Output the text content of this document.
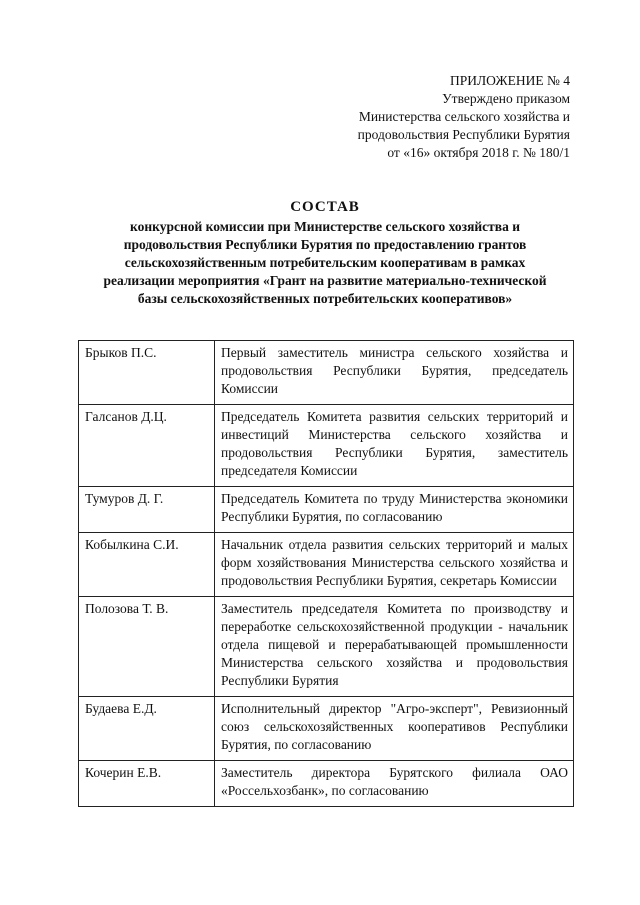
ПРИЛОЖЕНИЕ № 4
Утверждено приказом
Министерства сельского хозяйства и
продовольствия Республики Бурятия
от «16» октября 2018 г. № 180/1
СОСТАВ
конкурсной комиссии при Министерстве сельского хозяйства и продовольствия Республики Бурятия по предоставлению грантов сельскохозяйственным потребительским кооперативам в рамках реализации мероприятия «Грант на развитие материально-технической базы сельскохозяйственных потребительских кооперативов»
Брыков П.С.	Первый заместитель министра сельского хозяйства и продовольствия Республики Бурятия, председатель Комиссии
Галсанов Д.Ц.	Председатель Комитета развития сельских территорий и инвестиций Министерства сельского хозяйства и продовольствия Республики Бурятия, заместитель председателя Комиссии
Тумуров Д. Г.	Председатель Комитета по труду Министерства экономики Республики Бурятия, по согласованию
Кобылкина С.И.	Начальник отдела развития сельских территорий и малых форм хозяйствования Министерства сельского хозяйства и продовольствия Республики Бурятия, секретарь Комиссии
Полозова Т. В.	Заместитель председателя Комитета по производству и переработке сельскохозяйственной продукции - начальник отдела пищевой и перерабатывающей промышленности Министерства сельского хозяйства и продовольствия Республики Бурятия
Будаева Е.Д.	Исполнительный директор "Агро-эксперт", Ревизионный союз сельскохозяйственных кооперативов Республики Бурятия, по согласованию
Кочерин Е.В.	Заместитель директора Бурятского филиала ОАО «Россельхозбанк», по согласованию
